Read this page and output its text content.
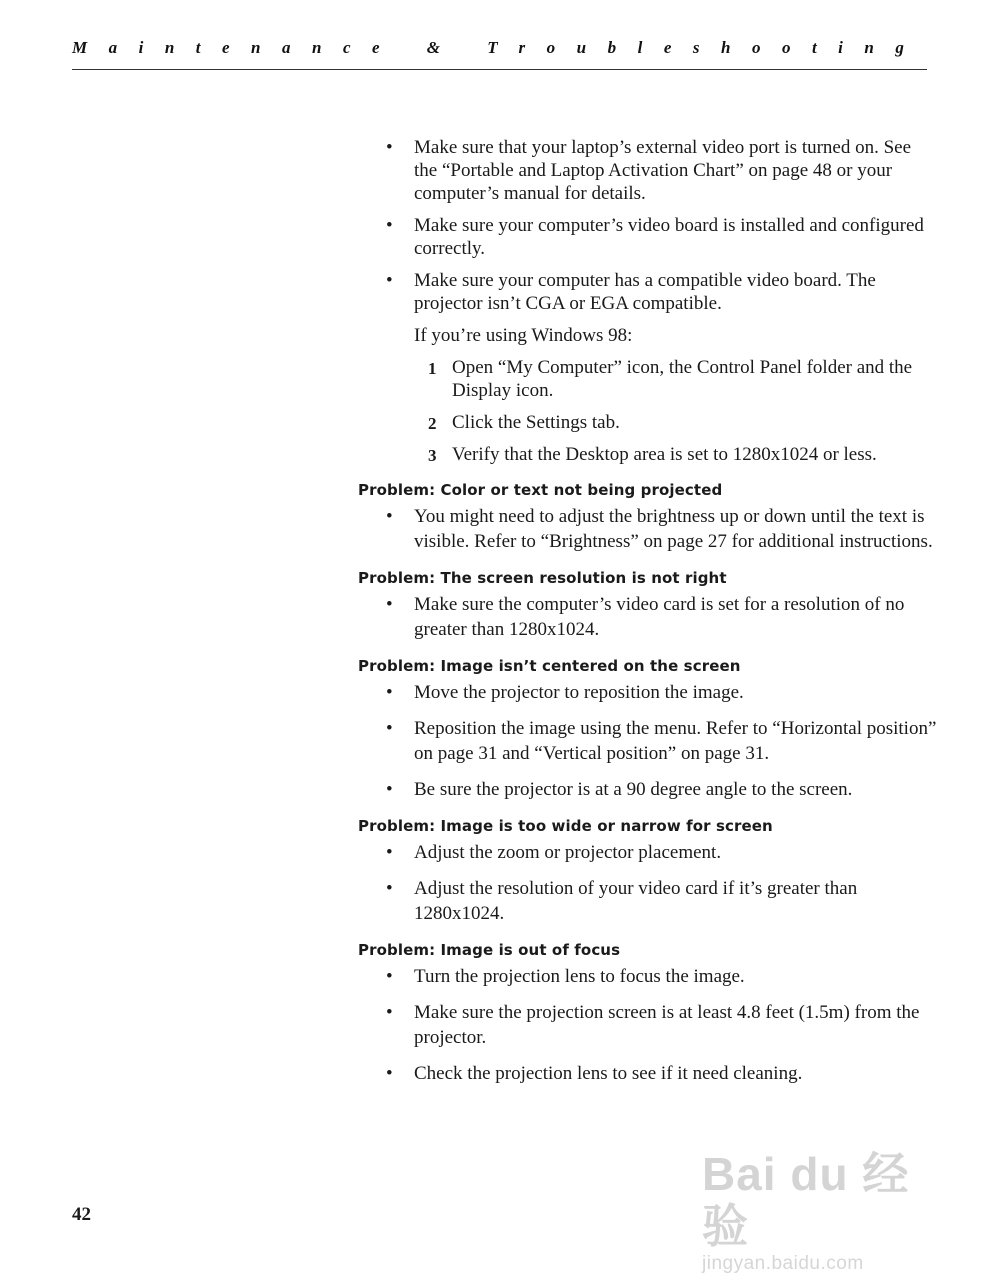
Maintenance & Troubleshooting
• Make sure that your laptop’s external video port is turned on. See the “Portable and Laptop Activation Chart” on page 48 or your computer’s manual for details.
• Make sure your computer’s video board is installed and configured correctly.
• Make sure your computer has a compatible video board. The projector isn’t CGA or EGA compatible.
If you’re using Windows 98:
1 Open “My Computer” icon, the Control Panel folder and the Display icon.
2 Click the Settings tab.
3 Verify that the Desktop area is set to 1280x1024 or less.
Problem: Color or text not being projected
• You might need to adjust the brightness up or down until the text is visible. Refer to “Brightness” on page 27 for additional instructions.
Problem: The screen resolution is not right
• Make sure the computer’s video card is set for a resolution of no greater than 1280x1024.
Problem: Image isn’t centered on the screen
• Move the projector to reposition the image.
• Reposition the image using the menu. Refer to “Horizontal position” on page 31 and “Vertical position” on page 31.
• Be sure the projector is at a 90 degree angle to the screen.
Problem: Image is too wide or narrow for screen
• Adjust the zoom or projector placement.
• Adjust the resolution of your video card if it’s greater than 1280x1024.
Problem: Image is out of focus
• Turn the projection lens to focus the image.
• Make sure the projection screen is at least 4.8 feet (1.5m) from the projector.
• Check the projection lens to see if it need cleaning.
42
Bai du 经验
jingyan.baidu.com
